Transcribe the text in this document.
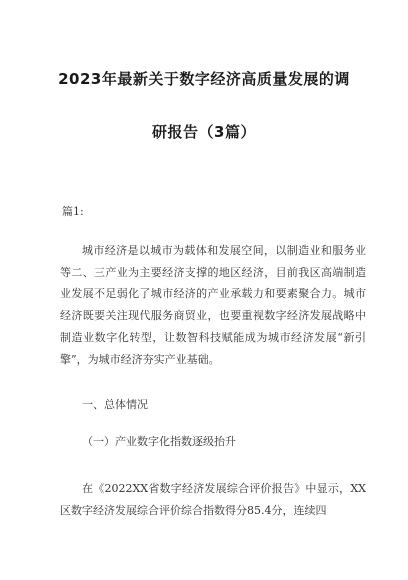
2023年最新关于数字经济高质量发展的调
研报告（3篇）

篇1:

城市经济是以城市为载体和发展空间，以制造业和服务业等二、三产业为主要经济支撑的地区经济，目前我区高端制造业发展不足弱化了城市经济的产业承载力和要素聚合力。城市经济既要关注现代服务商贸业，也要重视数字经济发展战略中制造业数字化转型，让数智科技赋能成为城市经济发展“新引擎”，为城市经济夯实产业基础。

一、总体情况

（一）产业数字化指数逐级抬升

在《2022XX省数字经济发展综合评价报告》中显示，XX区数字经济发展综合评价综合指数得分85.4分，连续四
